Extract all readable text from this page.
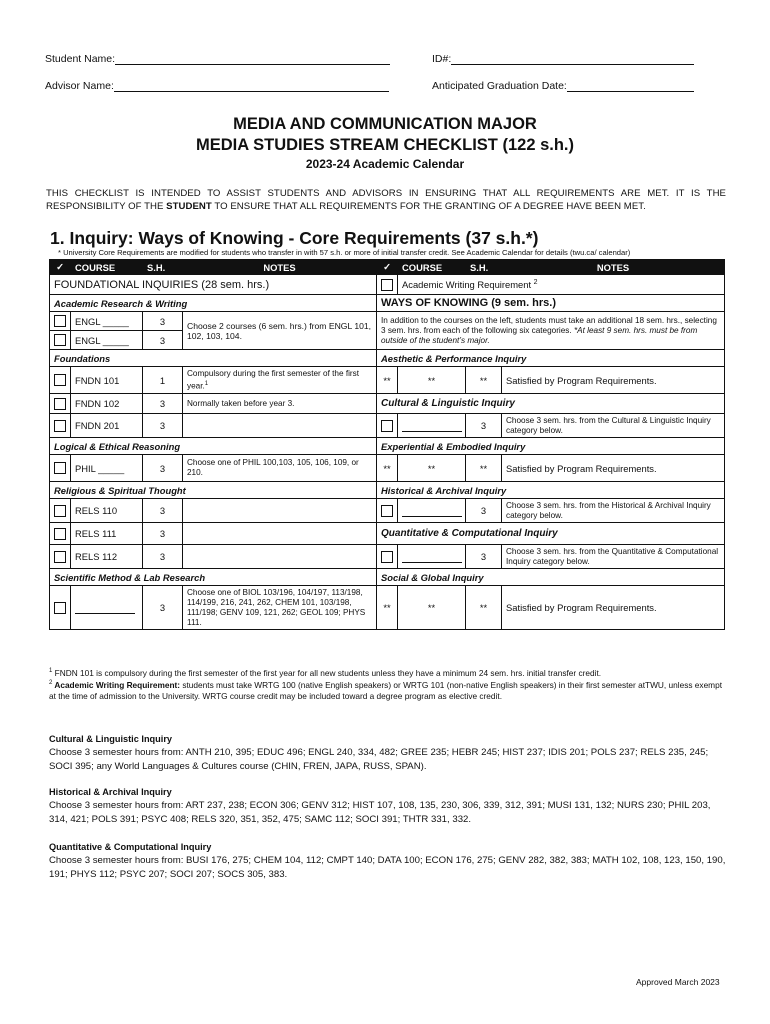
Student Name:	ID#:
Advisor Name:	Anticipated Graduation Date:
MEDIA AND COMMUNICATION MAJOR
MEDIA STUDIES STREAM CHECKLIST (122 s.h.)
2023-24 Academic Calendar
THIS CHECKLIST IS INTENDED TO ASSIST STUDENTS AND ADVISORS IN ENSURING THAT ALL REQUIREMENTS ARE MET. IT IS THE RESPONSIBILITY OF THE STUDENT TO ENSURE THAT ALL REQUIREMENTS FOR THE GRANTING OF A DEGREE HAVE BEEN MET.
1. Inquiry: Ways of Knowing - Core Requirements (37 s.h.*)
* University Core Requirements are modified for students who transfer in with 57 s.h. or more of initial transfer credit. See Academic Calendar for details (twu.ca/ calendar)
✓	COURSE	S.H.	NOTES	✓	COURSE	S.H.	NOTES
FOUNDATIONAL INQUIRIES (28 sem. hrs.)					Academic Writing Requirement $^2$
Academic Research & Writing				WAYS OF KNOWING (9 sem. hrs.)			
	ENGL _____	3	Choose 2 courses (6 sem. hrs.) from ENGL 101, 102, 103, 104.	In addition to the courses on the left, students must take an additional 18 sem. hrs., selecting 3 sem. hrs. from each of the following six categories. *At least 9 sem. hrs. must be from outside of the student’s major.			
	ENGL _____	3					
Foundations				Aesthetic & Performance Inquiry			
	FNDN 101	1	Compulsory during the first semester of the first year.$^1$	**	**	**	Satisfied by Program Requirements.
	FNDN 102	3	Normally taken before year 3.	Cultural & Linguistic Inquiry			
	FNDN 201	3				3	Choose 3 sem. hrs. from the Cultural & Linguistic Inquiry category below.
Logical & Ethical Reasoning				Experiential & Embodied Inquiry			
	PHIL _____	3	Choose one of PHIL 100,103, 105, 106, 109, or 210.	**	**	**	Satisfied by Program Requirements.
Religious & Spiritual Thought				Historical & Archival Inquiry			
	RELS 110	3				3	Choose 3 sem. hrs. from the Historical & Archival Inquiry category below.
	RELS 111	3		Quantitative & Computational Inquiry			
	RELS 112	3				3	Choose 3 sem. hrs. from the Quantitative & Computational Inquiry category below.
Scientific Method & Lab Research				Social & Global Inquiry			
		3	Choose one of BIOL 103/196, 104/197, 113/198, 114/199, 216, 241, 262, CHEM 101, 103/198, 111/198; GENV 109, 121, 262; GEOL 109; PHYS 111.	**	**	**	Satisfied by Program Requirements.
$^1$ FNDN 101 is compulsory during the first semester of the first year for all new students unless they have a minimum 24 sem. hrs. initial transfer credit.
$^2$ Academic Writing Requirement: students must take WRTG 100 (native English speakers) or WRTG 101 (non-native English speakers) in their first semester atTWU, unless exempt at the time of admission to the University. WRTG course credit may be included toward a degree program as elective credit.
Cultural & Linguistic Inquiry
Choose 3 semester hours from: ANTH 210, 395; EDUC 496; ENGL 240, 334, 482; GREE 235; HEBR 245; HIST 237; IDIS 201; POLS 237; RELS 235, 245; SOCI 395; any World Languages & Cultures course (CHIN, FREN, JAPA, RUSS, SPAN).
Historical & Archival Inquiry
Choose 3 semester hours from: ART 237, 238; ECON 306; GENV 312; HIST 107, 108, 135, 230, 306, 339, 312, 391; MUSI 131, 132; NURS 230; PHIL 203, 314, 421; POLS 391; PSYC 408; RELS 320, 351, 352, 475; SAMC 112; SOCI 391; THTR 331, 332.
Quantitative & Computational Inquiry
Choose 3 semester hours from: BUSI 176, 275; CHEM 104, 112; CMPT 140; DATA 100; ECON 176, 275; GENV 282, 382, 383; MATH 102, 108, 123, 150, 190, 191; PHYS 112; PSYC 207; SOCI 207; SOCS 305, 383.
Approved March 2023
